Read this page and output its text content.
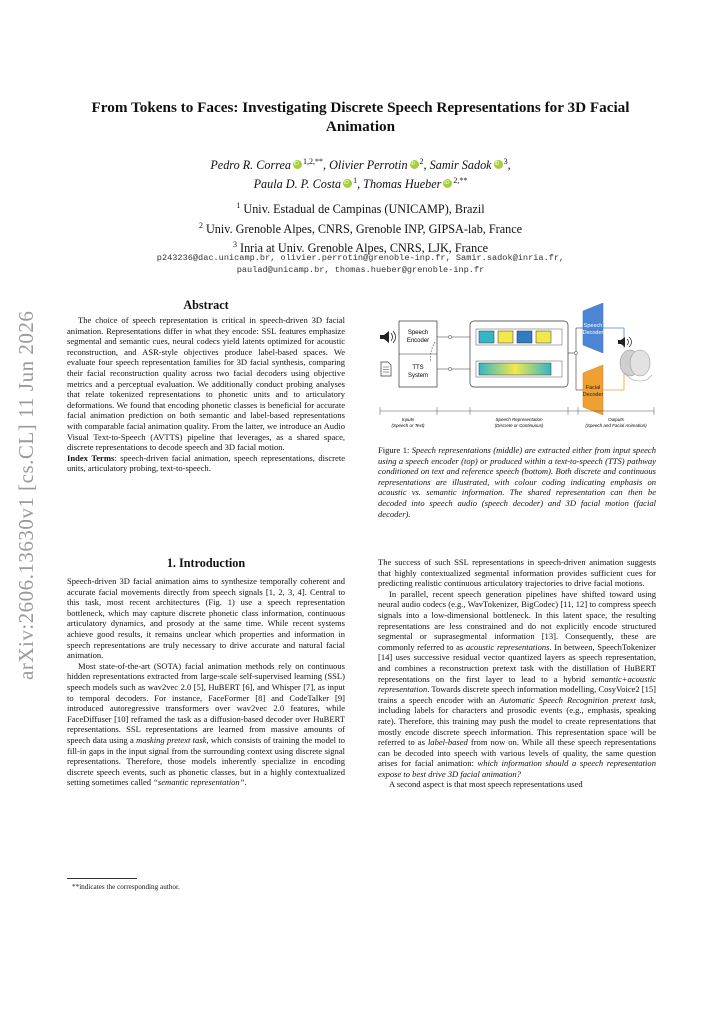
arXiv:2606.13630v1 [cs.CL] 11 Jun 2026
From Tokens to Faces: Investigating Discrete Speech Representations for 3D Facial Animation
Pedro R. Correa iD $^{1,2,**}$, Olivier Perrotin iD $^2$, Samir Sadok iD $^3$,
Paula D. P. Costa iD $^1$, Thomas Hueber iD $^{2,**}$
$^1$ Univ. Estadual de Campinas (UNICAMP), Brazil
$^2$ Univ. Grenoble Alpes, CNRS, Grenoble INP, GIPSA-lab, France
$^3$ Inria at Univ. Grenoble Alpes, CNRS, LJK, France
p243236@dac.unicamp.br, olivier.perrotin@grenoble-inp.fr, Samir.sadok@inria.fr,
paulad@unicamp.br, thomas.hueber@grenoble-inp.fr
Abstract

The choice of speech representation is critical in speech-driven 3D facial animation. Representations differ in what they encode: SSL features emphasize segmental and semantic cues, neural codecs yield latents optimized for acoustic reconstruction, and ASR-style objectives produce label-based spaces. We evaluate four speech representation families for 3D facial synthesis, comparing their facial reconstruction quality across two facial decoders using objective metrics and a perceptual evaluation. We additionally conduct probing analyses that relate tokenized representations to phonetic units and to articulatory deformations. We found that encoding phonetic classes is beneficial for accurate facial animation prediction on both semantic and label-based representations with comparable facial animation quality. From the latter, we introduce an Audio Visual Text-to-Speech (AVTTS) pipeline that leverages, as a shared space, discrete representations to decode speech and 3D facial motion.

Index Terms: speech-driven facial animation, speech representations, discrete units, articulatory probing, text-to-speech.

1. Introduction

Speech-driven 3D facial animation aims to synthesize temporally coherent and accurate facial movements directly from speech signals [1, 2, 3, 4]. Central to this task, most recent architectures (Fig. 1) use a speech representation bottleneck, which may capture discrete phonetic class information, continuous articulatory dynamics, and prosody at the same time. While recent systems achieve good results, it remains unclear which properties and information in speech representations are truly necessary to drive accurate and natural facial animation.

Most state-of-the-art (SOTA) facial animation methods rely on continuous hidden representations extracted from large-scale self-supervised learning (SSL) speech models such as wav2vec 2.0 [5], HuBERT [6], and Whisper [7], as input to temporal decoders. For instance, FaceFormer [8] and CodeTalker [9] introduced autoregressive transformers over wav2vec 2.0 features, while FaceDiffuser [10] reframed the task as a diffusion-based decoder over HuBERT representations. SSL representations are learned from massive amounts of speech data using a masking pretext task, which consists of training the model to fill-in gaps in the input signal from the surrounding context using discrete signal representations. Therefore, those models inherently specialize in encoding discrete speech events, such as phonetic classes, but in a highly contextualized setting sometimes called “semantic representation”.

**indicates the corresponding author.
Speech
Encoder
TTS
System
Speech
Decoder
Facial
Decoder
Inputs
(Speech or Text)
Speech Representation
(Discrete or Continuous)
Outputs
(Speech and Facial Animation)
Figure 1: Speech representations (middle) are extracted either from input speech using a speech encoder (top) or produced within a text-to-speech (TTS) pathway conditioned on text and reference speech (bottom). Both discrete and continuous representations are illustrated, with colour coding indicating emphasis on acoustic vs. semantic information. The shared representation can then be decoded into speech audio (speech decoder) and 3D facial motion (facial decoder).

The success of such SSL representations in speech-driven animation suggests that highly contextualized segmental information provides sufficient cues for predicting realistic continuous articulatory trajectories to drive facial motions.

In parallel, recent speech generation pipelines have shifted toward using neural audio codecs (e.g., WavTokenizer, BigCodec) [11, 12] to compress speech signals into a low-dimensional bottleneck. In this latent space, the resulting representations are less constrained and do not explicitly encode structured segmental or suprasegmental information [13]. Consequently, these are commonly referred to as acoustic representations. In between, SpeechTokenizer [14] uses successive residual vector quantized layers as speech representation, and combines a reconstruction pretext task with the distillation of HuBERT representations on the first layer to lead to a hybrid semantic+acoustic representation. Towards discrete speech information modelling, CosyVoice2 [15] trains a speech encoder with an Automatic Speech Recognition pretext task, including labels for characters and prosodic events (e.g., emphasis, speaking rate). Therefore, this training may push the model to create representations that mostly encode discrete speech information. This representation space will be referred to as label-based from now on. While all these speech representations can be decoded into speech with various levels of quality, the same question arises for facial animation: which information should a speech representation expose to best drive 3D facial animation?

A second aspect is that most speech representations used
